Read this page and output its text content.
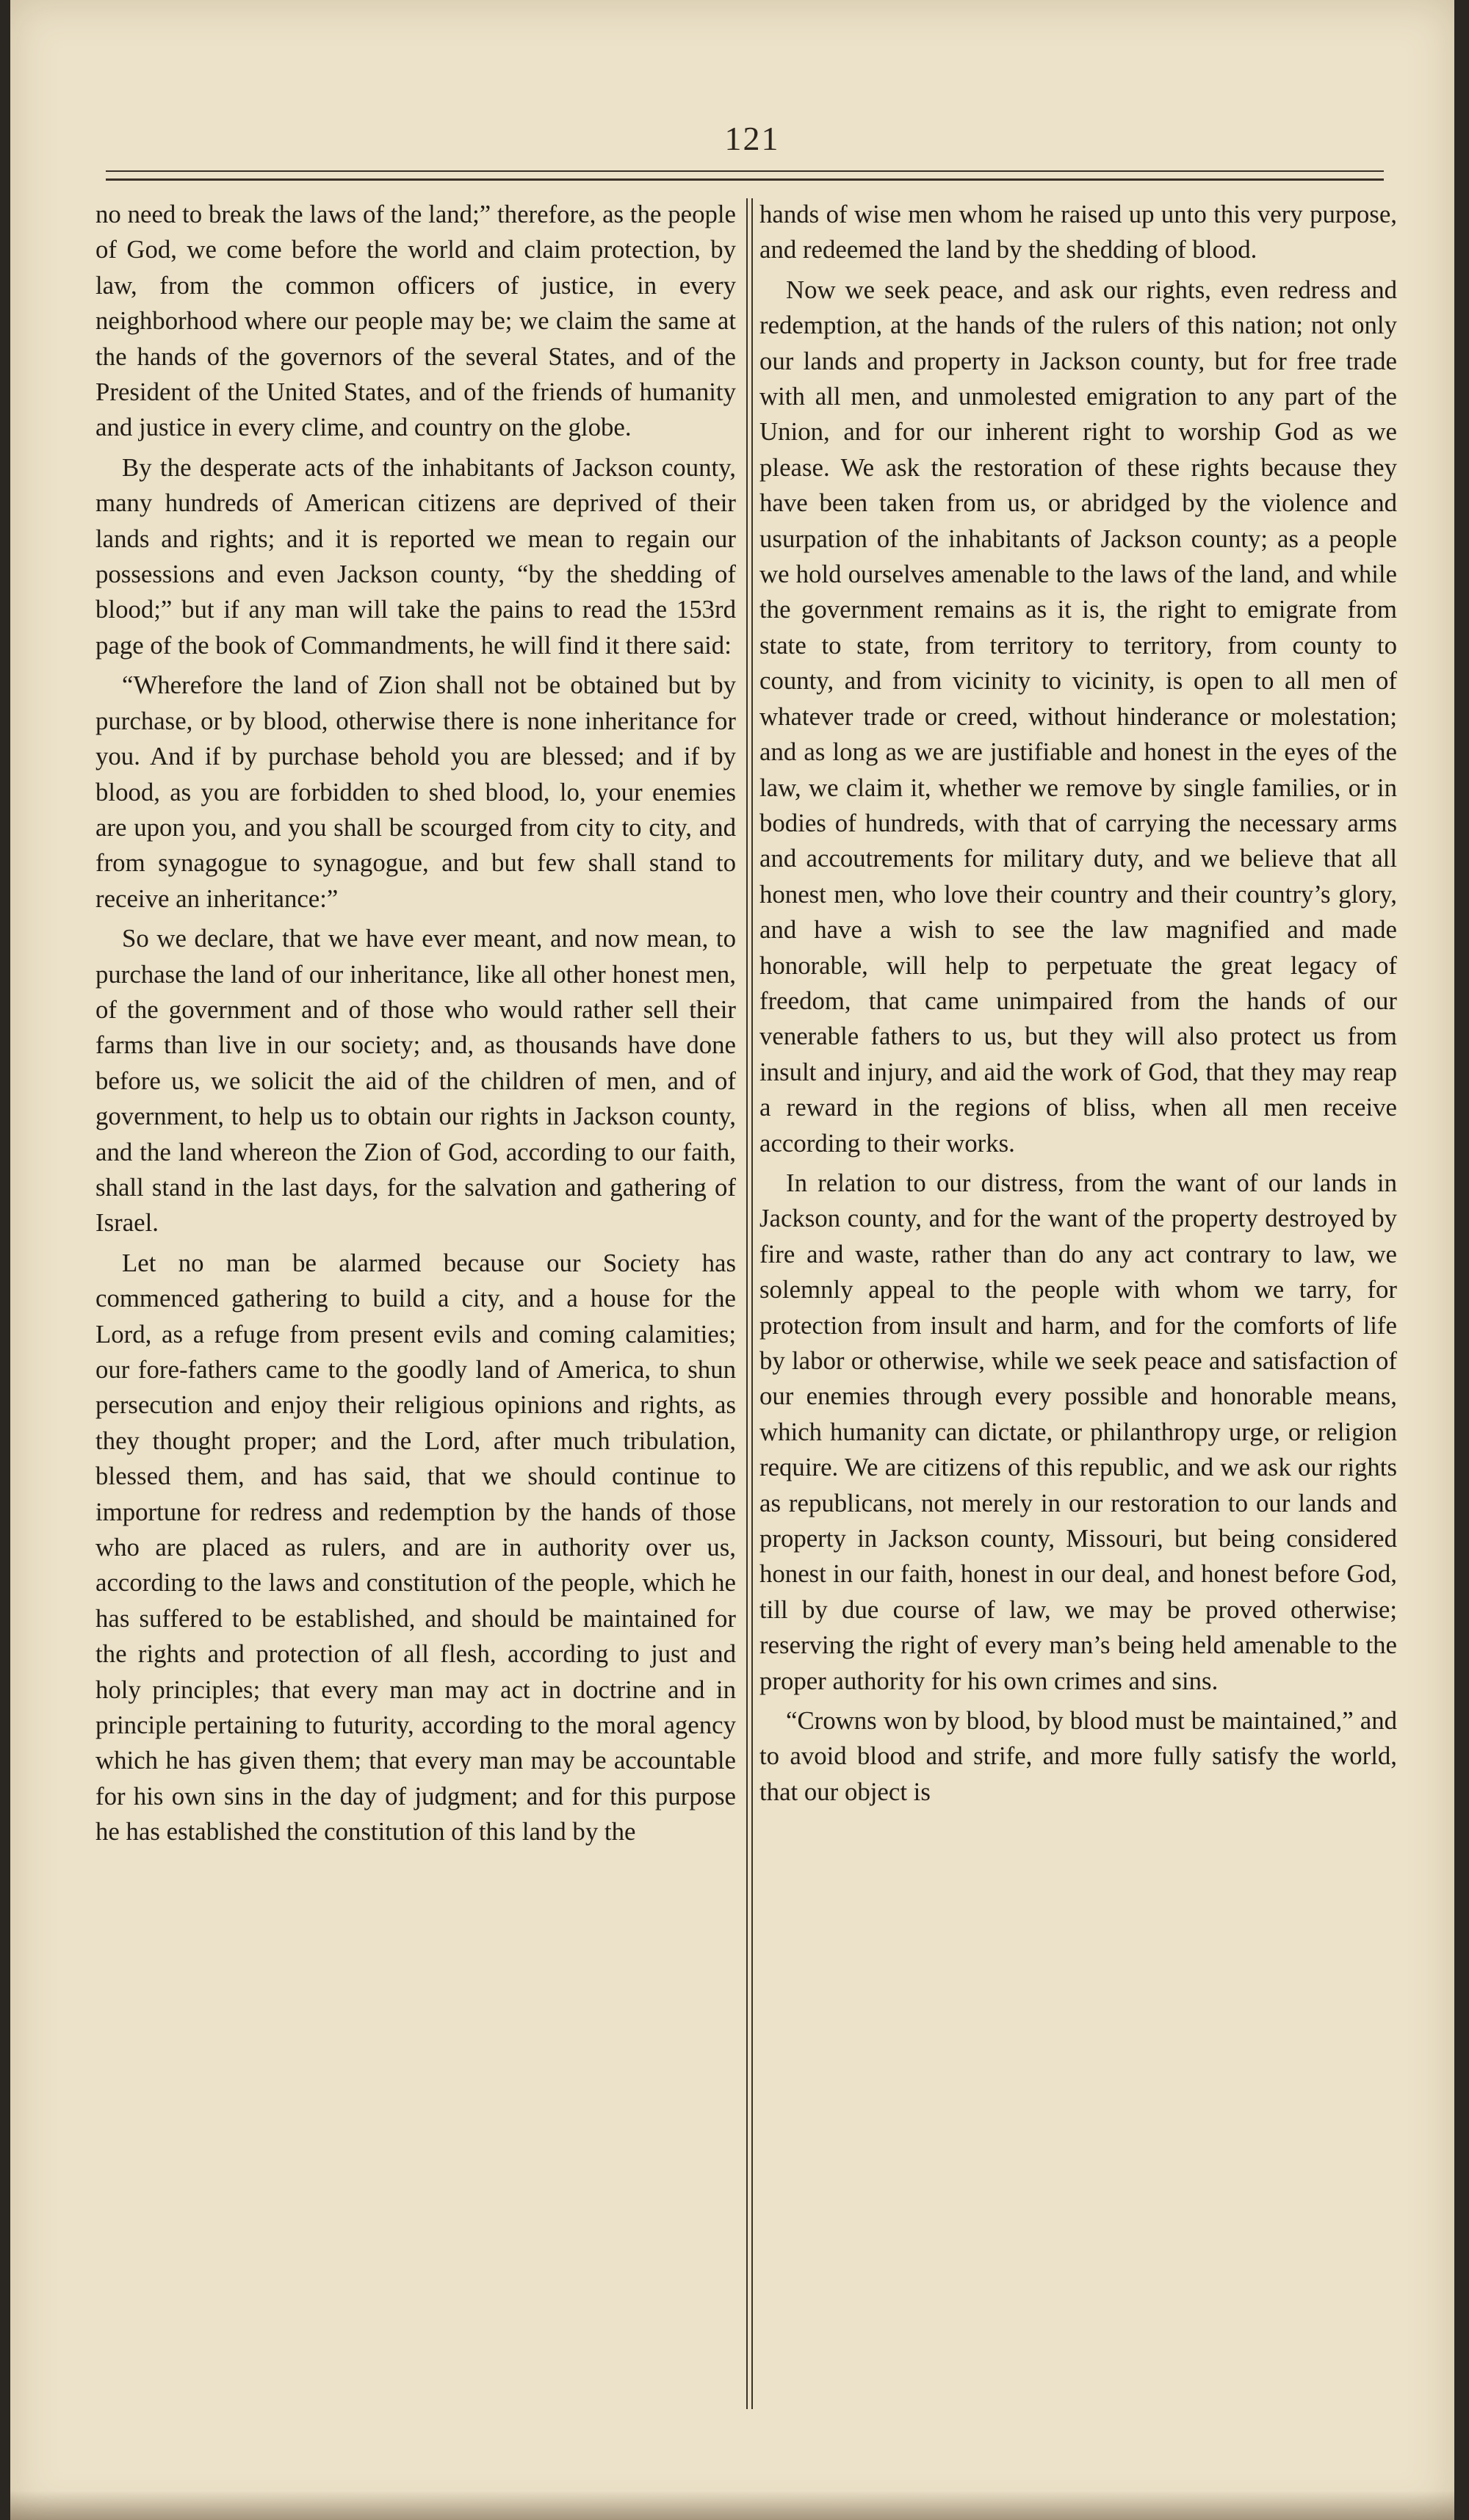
121

no need to break the laws of the land;” therefore, as the people of God, we come before the world and claim protection, by law, from the common officers of justice, in every neighborhood where our people may be; we claim the same at the hands of the governors of the several States, and of the President of the United States, and of the friends of humanity and justice in every clime, and country on the globe.

By the desperate acts of the inhabitants of Jackson county, many hundreds of American citizens are deprived of their lands and rights; and it is reported we mean to regain our possessions and even Jackson county, “by the shedding of blood;” but if any man will take the pains to read the 153rd page of the book of Commandments, he will find it there said:

“Wherefore the land of Zion shall not be obtained but by purchase, or by blood, otherwise there is none inheritance for you. And if by purchase behold you are blessed; and if by blood, as you are forbidden to shed blood, lo, your enemies are upon you, and you shall be scourged from city to city, and from synagogue to synagogue, and but few shall stand to receive an inheritance:”

So we declare, that we have ever meant, and now mean, to purchase the land of our inheritance, like all other honest men, of the government and of those who would rather sell their farms than live in our society; and, as thousands have done before us, we solicit the aid of the children of men, and of government, to help us to obtain our rights in Jackson county, and the land whereon the Zion of God, according to our faith, shall stand in the last days, for the salvation and gathering of Israel.

Let no man be alarmed because our Society has commenced gathering to build a city, and a house for the Lord, as a refuge from present evils and coming calamities; our fore-fathers came to the goodly land of America, to shun persecution and enjoy their religious opinions and rights, as they thought proper; and the Lord, after much tribulation, blessed them, and has said, that we should continue to importune for redress and redemption by the hands of those who are placed as rulers, and are in authority over us, according to the laws and constitution of the people, which he has suffered to be established, and should be maintained for the rights and protection of all flesh, according to just and holy principles; that every man may act in doctrine and in principle pertaining to futurity, according to the moral agency which he has given them; that every man may be accountable for his own sins in the day of judgment; and for this purpose he has established the constitution of this land by the

hands of wise men whom he raised up unto this very purpose, and redeemed the land by the shedding of blood.

Now we seek peace, and ask our rights, even redress and redemption, at the hands of the rulers of this nation; not only our lands and property in Jackson county, but for free trade with all men, and unmolested emigration to any part of the Union, and for our inherent right to worship God as we please. We ask the restoration of these rights because they have been taken from us, or abridged by the violence and usurpation of the inhabitants of Jackson county; as a people we hold ourselves amenable to the laws of the land, and while the government remains as it is, the right to emigrate from state to state, from territory to territory, from county to county, and from vicinity to vicinity, is open to all men of whatever trade or creed, without hinderance or molestation; and as long as we are justifiable and honest in the eyes of the law, we claim it, whether we remove by single families, or in bodies of hundreds, with that of carrying the necessary arms and accoutrements for military duty, and we believe that all honest men, who love their country and their country’s glory, and have a wish to see the law magnified and made honorable, will help to perpetuate the great legacy of freedom, that came unimpaired from the hands of our venerable fathers to us, but they will also protect us from insult and injury, and aid the work of God, that they may reap a reward in the regions of bliss, when all men receive according to their works.

In relation to our distress, from the want of our lands in Jackson county, and for the want of the property destroyed by fire and waste, rather than do any act contrary to law, we solemnly appeal to the people with whom we tarry, for protection from insult and harm, and for the comforts of life by labor or otherwise, while we seek peace and satisfaction of our enemies through every possible and honorable means, which humanity can dictate, or philanthropy urge, or religion require. We are citizens of this republic, and we ask our rights as republicans, not merely in our restoration to our lands and property in Jackson county, Missouri, but being considered honest in our faith, honest in our deal, and honest before God, till by due course of law, we may be proved otherwise; reserving the right of every man’s being held amenable to the proper authority for his own crimes and sins.

“Crowns won by blood, by blood must be maintained,” and to avoid blood and strife, and more fully satisfy the world, that our object is
